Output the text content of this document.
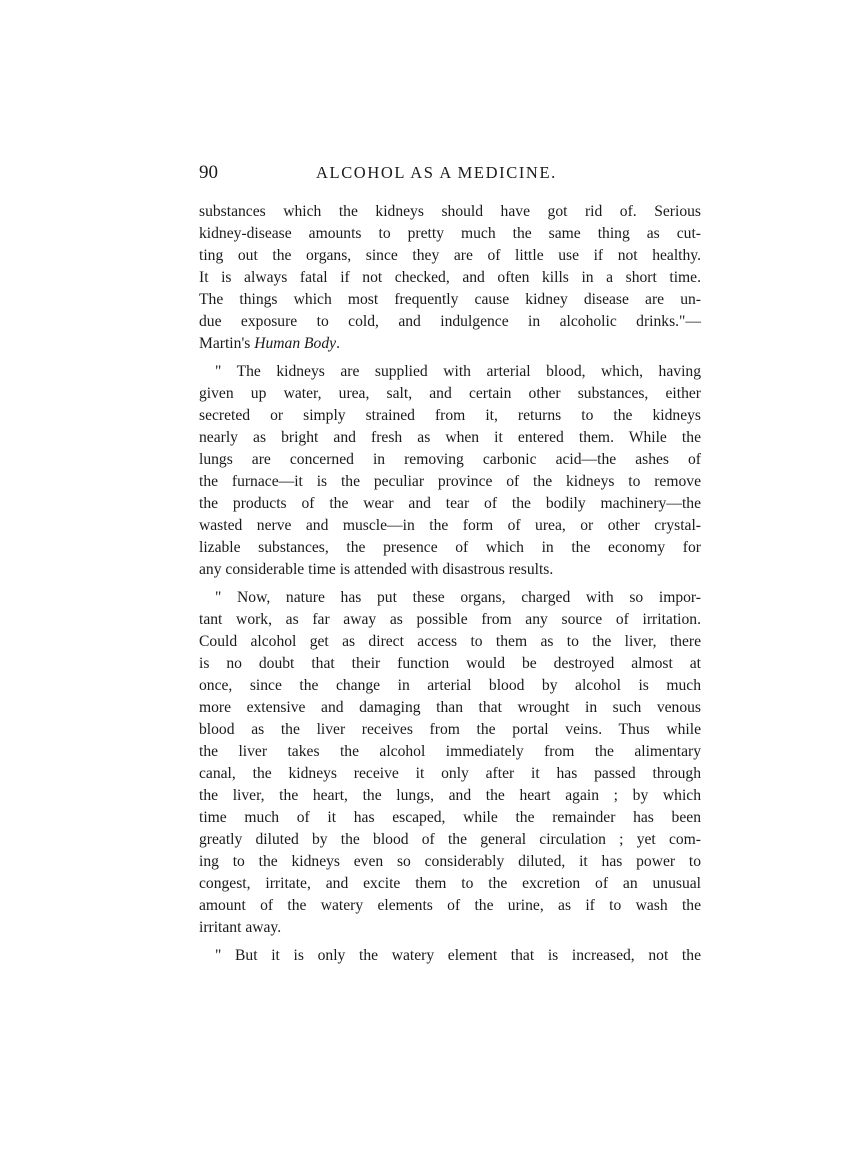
90	ALCOHOL AS A MEDICINE.

substances which the kidneys should have got rid of. Serious
kidney-disease amounts to pretty much the same thing as cut-
ting out the organs, since they are of little use if not healthy.
It is always fatal if not checked, and often kills in a short time.
The things which most frequently cause kidney disease are un-
due exposure to cold, and indulgence in alcoholic drinks."—
Martin's Human Body.

" The kidneys are supplied with arterial blood, which, having
given up water, urea, salt, and certain other substances, either
secreted or simply strained from it, returns to the kidneys
nearly as bright and fresh as when it entered them. While the
lungs are concerned in removing carbonic acid—the ashes of
the furnace—it is the peculiar province of the kidneys to remove
the products of the wear and tear of the bodily machinery—the
wasted nerve and muscle—in the form of urea, or other crystal-
lizable substances, the presence of which in the economy for
any considerable time is attended with disastrous results.

" Now, nature has put these organs, charged with so impor-
tant work, as far away as possible from any source of irritation.
Could alcohol get as direct access to them as to the liver, there
is no doubt that their function would be destroyed almost at
once, since the change in arterial blood by alcohol is much
more extensive and damaging than that wrought in such venous
blood as the liver receives from the portal veins. Thus while
the liver takes the alcohol immediately from the alimentary
canal, the kidneys receive it only after it has passed through
the liver, the heart, the lungs, and the heart again ; by which
time much of it has escaped, while the remainder has been
greatly diluted by the blood of the general circulation ; yet com-
ing to the kidneys even so considerably diluted, it has power to
congest, irritate, and excite them to the excretion of an unusual
amount of the watery elements of the urine, as if to wash the
irritant away.

" But it is only the watery element that is increased, not the
